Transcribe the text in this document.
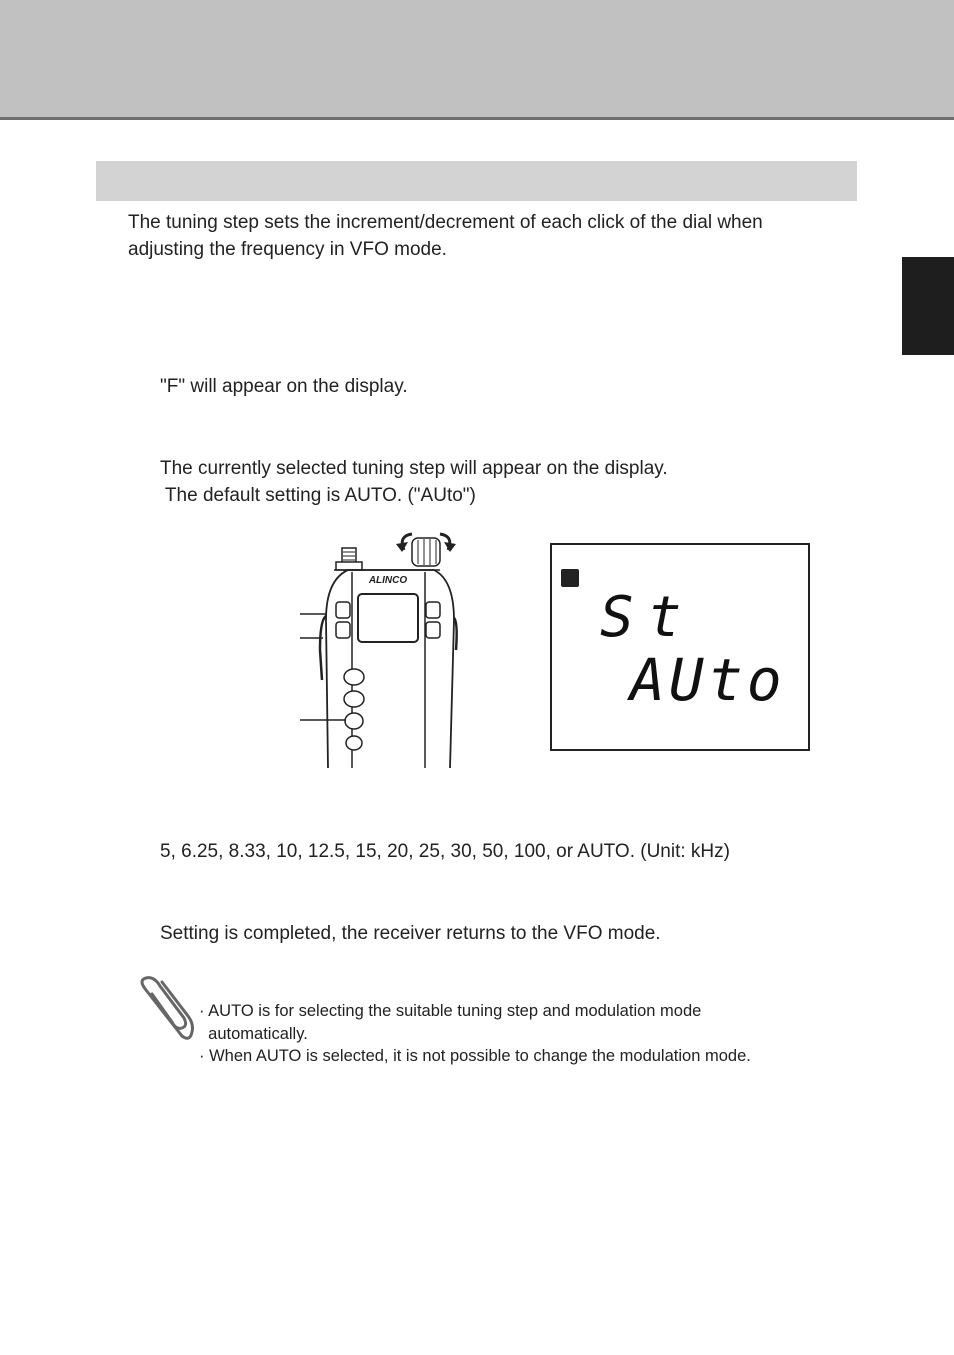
The tuning step sets the increment/decrement of each click of the dial when
adjusting the frequency in VFO mode.
"F" will appear on the display.
The currently selected tuning step will appear on the display.
The default setting is AUTO. ("AUto")
ALINCO
St
AUto
5, 6.25, 8.33, 10, 12.5, 15, 20, 25, 30, 50, 100, or AUTO. (Unit: kHz)
Setting is completed, the receiver returns to the VFO mode.
· AUTO is for selecting the suitable tuning step and modulation mode
automatically.
· When AUTO is selected, it is not possible to change the modulation mode.
